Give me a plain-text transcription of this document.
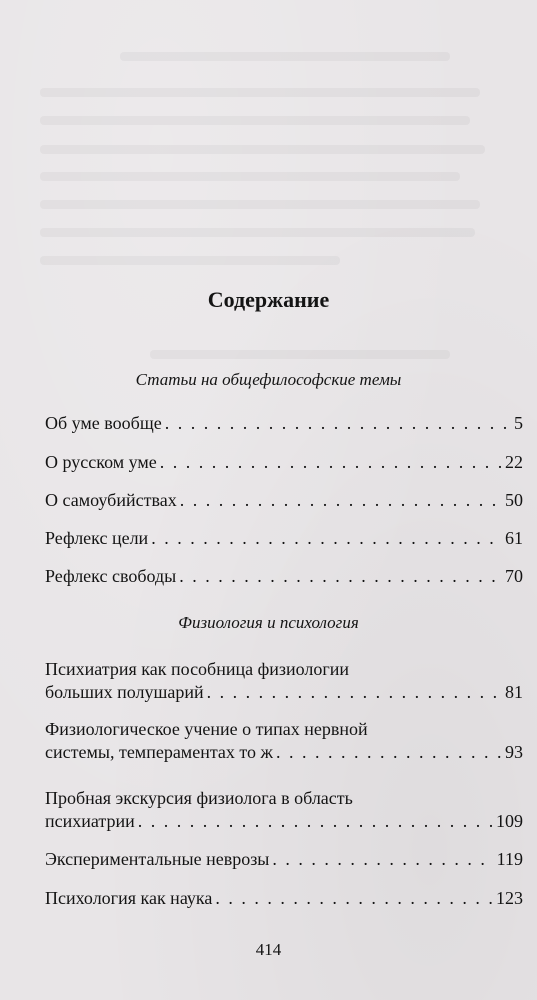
Содержание
Статьи на общефилософские темы
Об уме вообще . . .	5
О русском уме . . .	22
О самоубийствах . . .	50
Рефлекс цели . . .	61
Рефлекс свободы . . .	70
Физиология и психология
Психиатрия как пособница физиологии
больших полушарий . . .	81
Физиологическое учение о типах нервной
системы, темпераментах то ж . . .	93
Пробная экскурсия физиолога в область
психиатрии . . .	109
Экспериментальные неврозы . . .	119
Психология как наука . . .	123
414
